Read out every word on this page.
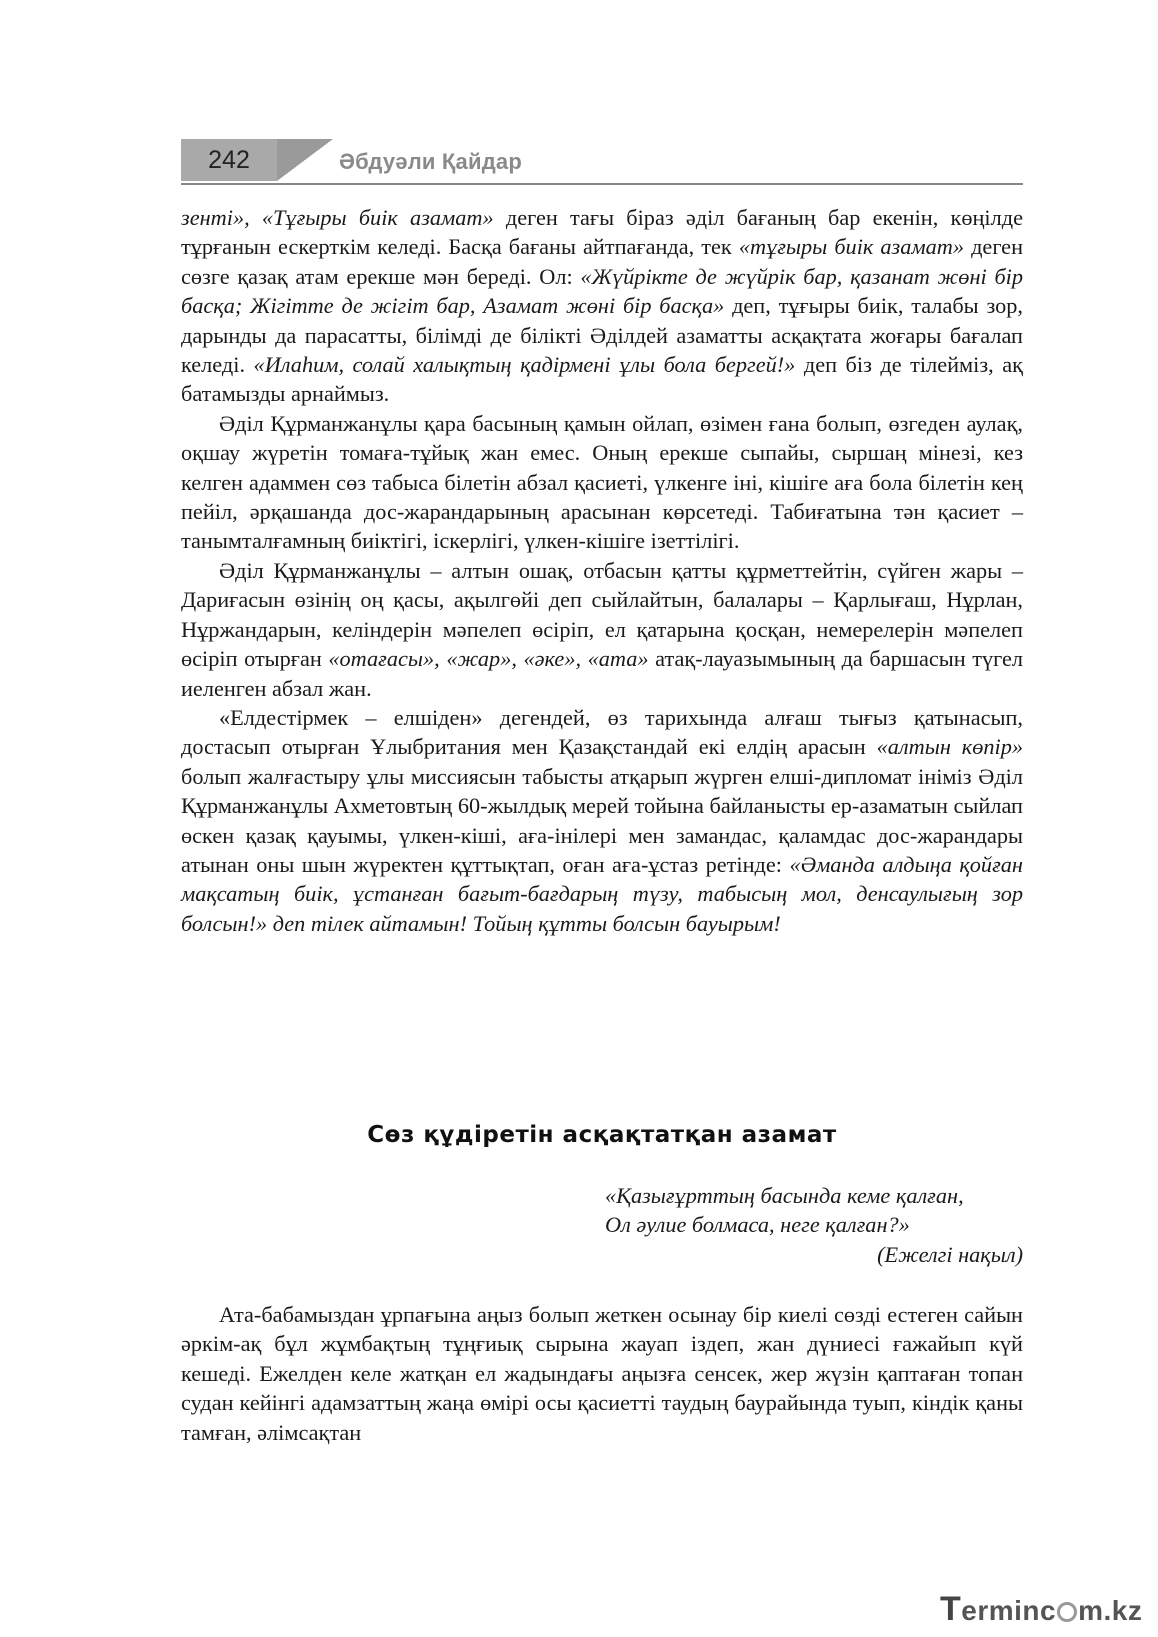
242	Әбдуәли Қайдар

зенті», «Тұғыры биік азамат» деген тағы біраз әділ бағаның бар екенін, көңілде тұрғанын ескерткім келеді. Басқа бағаны айтпағанда, тек «тұғыры биік азамат» деген сөзге қазақ атам ерекше мән береді. Ол: «Жүйрікте де жүйрік бар, қазанат жөні бір басқа; Жігітте де жігіт бар, Азамат жөні бір басқа» деп, тұғыры биік, талабы зор, дарынды да парасатты, білімді де білікті Әділдей азаматты асқақтата жоғары бағалап келеді. «Илаһим, солай халықтың қадірмені ұлы бола бергей!» деп біз де тілейміз, ақ батамызды арнаймыз.

Әділ Құрманжанұлы қара басының қамын ойлап, өзімен ғана болып, өзгеден аулақ, оқшау жүретін томаға-тұйық жан емес. Оның ерекше сыпайы, сыршаң мінезі, кез келген адаммен сөз табыса білетін абзал қасиеті, үлкенге іні, кішіге аға бола білетін кең пейіл, әрқашанда дос-жарандарының арасынан көрсетеді. Табиғатына тән қасиет – танымталғамның биіктігі, іскерлігі, үлкен-кішіге ізеттілігі.

Әділ Құрманжанұлы – алтын ошақ, отбасын қатты құрметтейтін, сүйген жары – Дариғасын өзінің оң қасы, ақылгөйі деп сыйлайтын, балалары – Қарлығаш, Нұрлан, Нұржандарын, келіндерін мәпелеп өсіріп, ел қатарына қосқан, немерелерін мәпелеп өсіріп отырған «отағасы», «жар», «әке», «ата» атақ-лауазымының да баршасын түгел иеленген абзал жан.

«Елдестірмек – елшіден» дегендей, өз тарихында алғаш тығыз қатынасып, достасып отырған Ұлыбритания мен Қазақстандай екі елдің арасын «алтын көпір» болып жалғастыру ұлы миссиясын табысты атқарып жүрген елші-дипломат ініміз Әділ Құрманжанұлы Ахметовтың 60-жылдық мерей тойына байланысты ер-азаматын сыйлап өскен қазақ қауымы, үлкен-кіші, аға-інілері мен замандас, қаламдас дос-жарандары атынан оны шын жүректен құттықтап, оған аға-ұстаз ретінде: «Әманда алдыңа қойған мақсатың биік, ұстанған бағыт-бағдарың түзу, табысың мол, денсаулығың зор болсын!» деп тілек айтамын! Тойың құтты болсын бауырым!

Сөз құдіретін асқақтатқан азамат
«Қазығұрттың басында кеме қалған,
Ол әулие болмаса, неге қалған?»
(Ежелгі нақыл)

Ата-бабамыздан ұрпағына аңыз болып жеткен осынау бір киелі сөзді естеген сайын әркім-ақ бұл жұмбақтың тұңғиық сырына жауап іздеп, жан дүниесі ғажайып күй кешеді. Ежелден келе жатқан ел жадындағы аңызға сенсек, жер жүзін қаптаған топан судан кейінгі адамзаттың жаңа өмірі осы қасиетті таудың баурайында туып, кіндік қаны тамған, әлімсақтан

Terminc m.kz
